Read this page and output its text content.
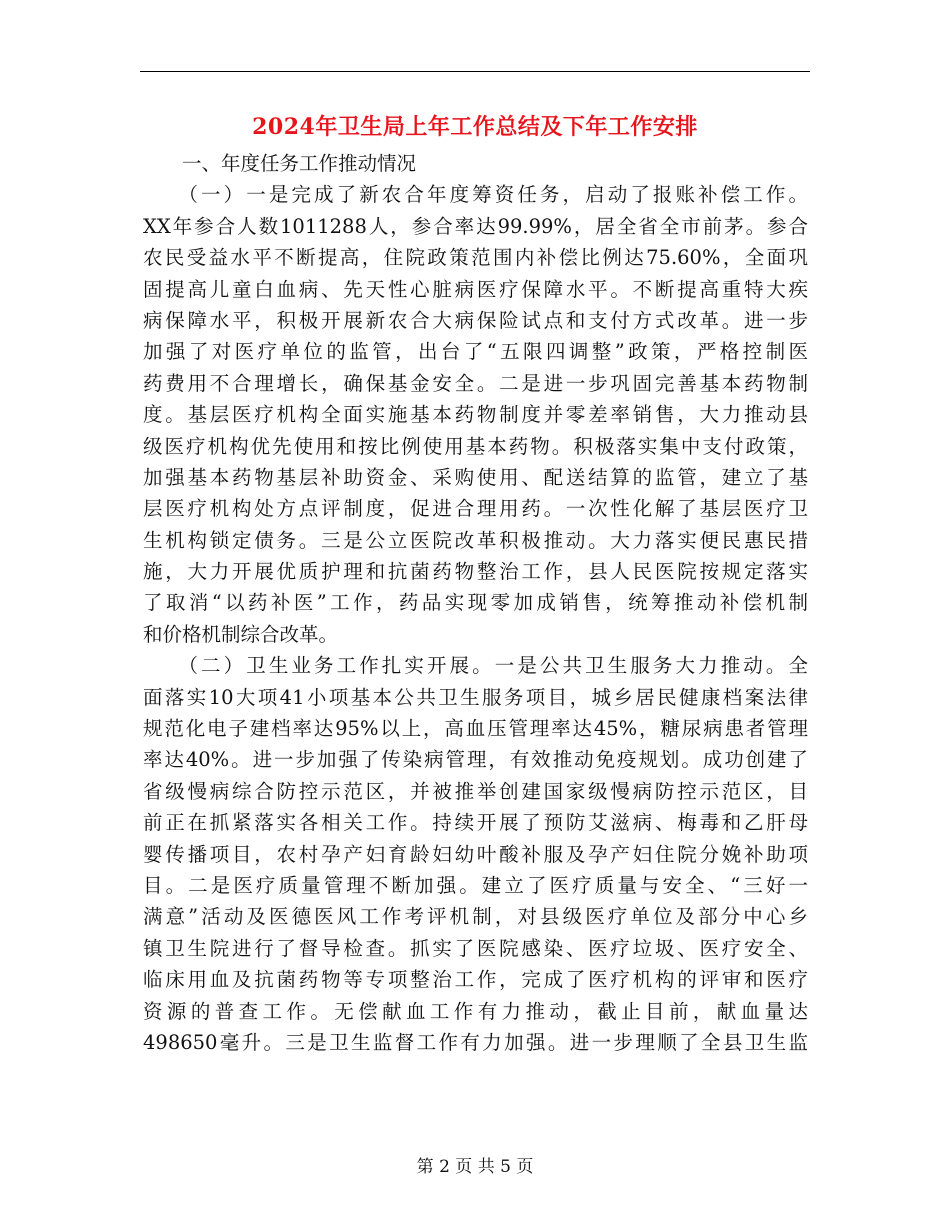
2024年卫生局上年工作总结及下年工作安排
　　一、年度任务工作推动情况
　　（一）一是完成了新农合年度筹资任务，启动了报账补偿工作。
XX年参合人数1011288人，参合率达99.99%，居全省全市前茅。参合
农民受益水平不断提高，住院政策范围内补偿比例达75.60%，全面巩
固提高儿童白血病、先天性心脏病医疗保障水平。不断提高重特大疾
病保障水平，积极开展新农合大病保险试点和支付方式改革。进一步
加强了对医疗单位的监管，出台了“五限四调整”政策，严格控制医
药费用不合理增长，确保基金安全。二是进一步巩固完善基本药物制
度。基层医疗机构全面实施基本药物制度并零差率销售，大力推动县
级医疗机构优先使用和按比例使用基本药物。积极落实集中支付政策，
加强基本药物基层补助资金、采购使用、配送结算的监管，建立了基
层医疗机构处方点评制度，促进合理用药。一次性化解了基层医疗卫
生机构锁定债务。三是公立医院改革积极推动。大力落实便民惠民措
施，大力开展优质护理和抗菌药物整治工作，县人民医院按规定落实
了取消“以药补医”工作，药品实现零加成销售，统筹推动补偿机制
和价格机制综合改革。
　　（二）卫生业务工作扎实开展。一是公共卫生服务大力推动。全
面落实10大项41小项基本公共卫生服务项目，城乡居民健康档案法律
规范化电子建档率达95%以上，高血压管理率达45%，糖尿病患者管理
率达40%。进一步加强了传染病管理，有效推动免疫规划。成功创建了
省级慢病综合防控示范区，并被推举创建国家级慢病防控示范区，目
前正在抓紧落实各相关工作。持续开展了预防艾滋病、梅毒和乙肝母
婴传播项目，农村孕产妇育龄妇幼叶酸补服及孕产妇住院分娩补助项
目。二是医疗质量管理不断加强。建立了医疗质量与安全、“三好一
满意”活动及医德医风工作考评机制，对县级医疗单位及部分中心乡
镇卫生院进行了督导检查。抓实了医院感染、医疗垃圾、医疗安全、
临床用血及抗菌药物等专项整治工作，完成了医疗机构的评审和医疗
资源的普查工作。无偿献血工作有力推动，截止目前，献血量达
498650毫升。三是卫生监督工作有力加强。进一步理顺了全县卫生监
第 2 页 共 5 页
